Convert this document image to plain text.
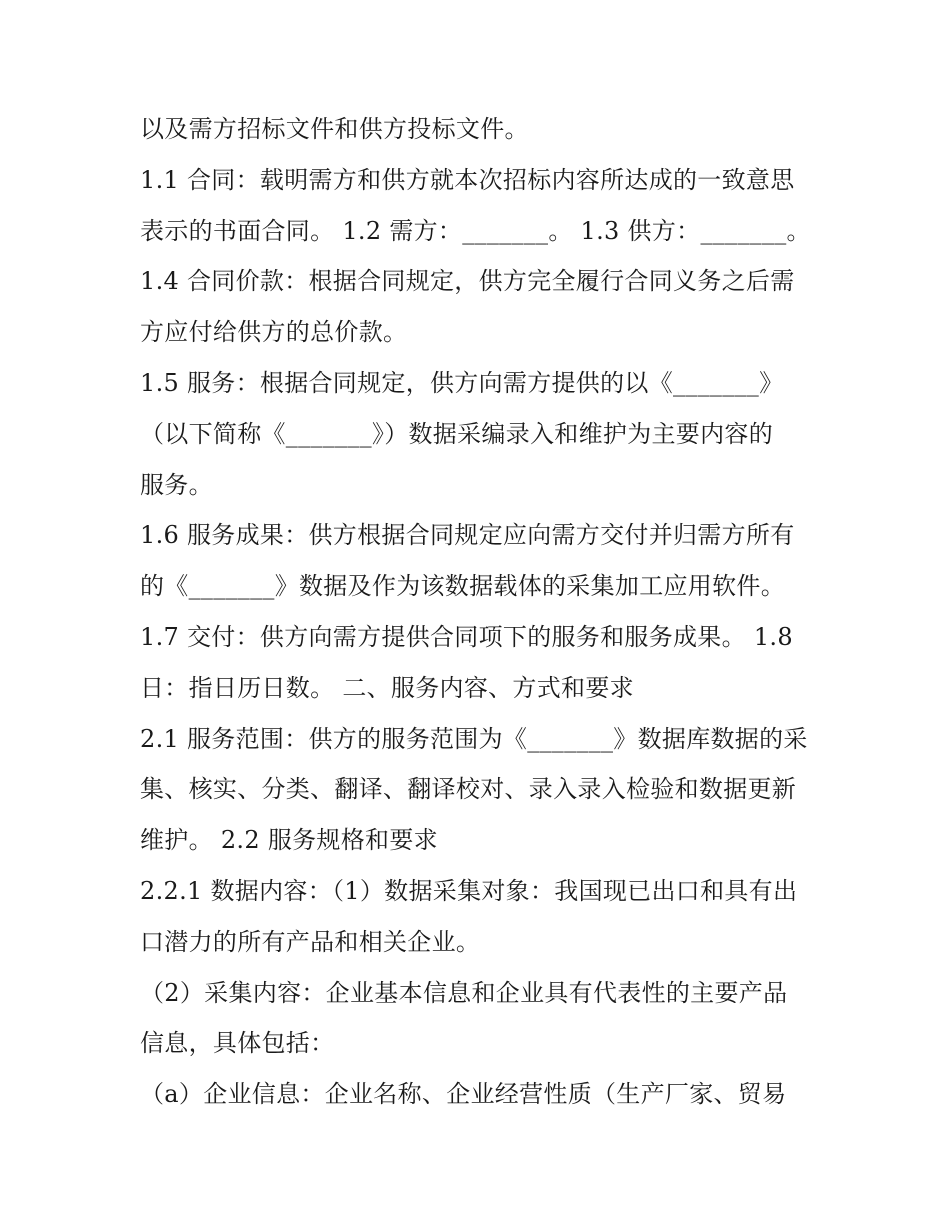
以及需方招标文件和供方投标文件。
1.1 合同：载明需方和供方就本次招标内容所达成的一致意思
表示的书面合同。 1.2 需方：_______。 1.3 供方：_______。
1.4 合同价款：根据合同规定，供方完全履行合同义务之后需
方应付给供方的总价款。
1.5 服务：根据合同规定，供方向需方提供的以《_______》
（以下简称《_______》）数据采编录入和维护为主要内容的
服务。
1.6 服务成果：供方根据合同规定应向需方交付并归需方所有
的《_______》数据及作为该数据载体的采集加工应用软件。
1.7 交付：供方向需方提供合同项下的服务和服务成果。 1.8
日：指日历日数。 二、服务内容、方式和要求
2.1 服务范围：供方的服务范围为《_______》数据库数据的采
集、核实、分类、翻译、翻译校对、录入录入检验和数据更新
维护。 2.2 服务规格和要求
2.2.1 数据内容：（1）数据采集对象：我国现已出口和具有出
口潜力的所有产品和相关企业。
（2）采集内容：企业基本信息和企业具有代表性的主要产品
信息，具体包括：
（a）企业信息：企业名称、企业经营性质（生产厂家、贸易
